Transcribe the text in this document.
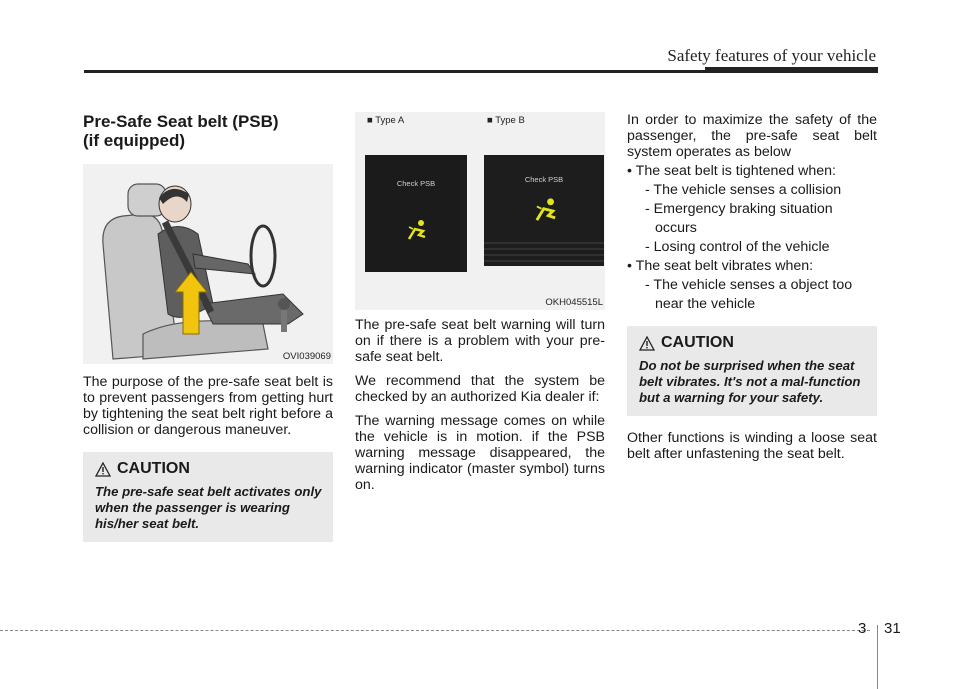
Safety features of your vehicle
Pre-Safe Seat belt (PSB)
(if equipped)
OVI039069

The purpose of the pre-safe seat belt is to prevent passengers from getting hurt by tightening the seat belt right before a collision or dangerous maneuver.

CAUTION
The pre-safe seat belt activates only when the passenger is wearing his/her seat belt.
■ Type A	■ Type B
Check PSB	Check PSB
OKH045515L

The pre-safe seat belt warning will turn on if there is a problem with your pre-safe seat belt.

We recommend that the system be checked by an authorized Kia dealer if:

The warning message comes on while the vehicle is in motion. if the PSB warning message disappeared, the warning indicator (master symbol) turns on.

In order to maximize the safety of the passenger, the pre-safe seat belt system operates as below

• The seat belt is tightened when:
- The vehicle senses a collision
- Emergency braking situation occurs
- Losing control of the vehicle
• The seat belt vibrates when:
- The vehicle senses a object too near the vehicle
CAUTION
Do not be surprised when the seat belt vibrates. It's not a mal-function but a warning for your safety.

Other functions is winding a loose seat belt after unfastening the seat belt.

3 31
